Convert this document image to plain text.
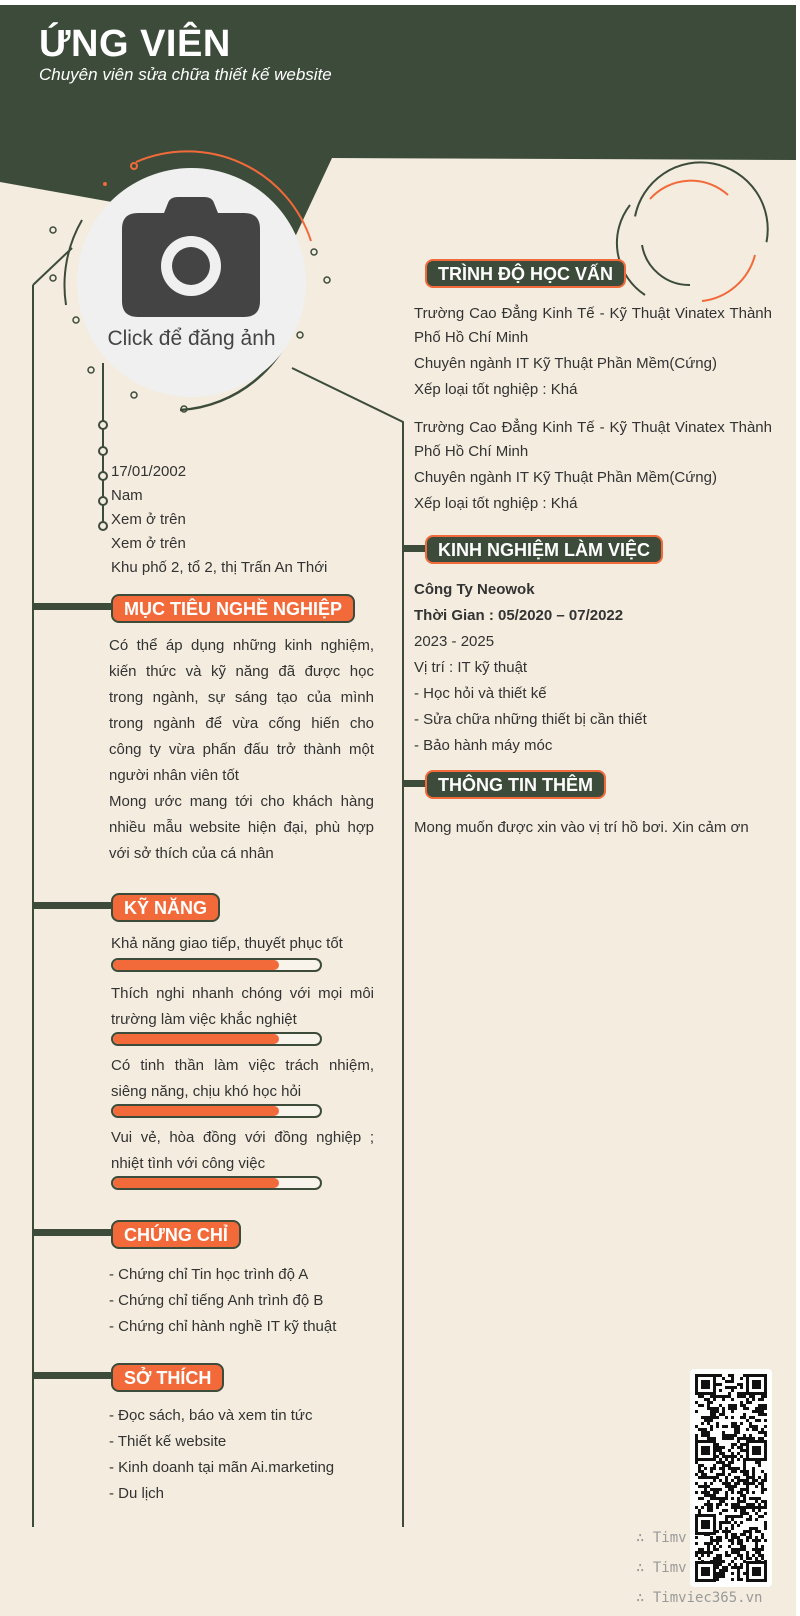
ỨNG VIÊN
Chuyên viên sửa chữa thiết kế website
Click để đăng ảnh
17/01/2002
Nam
Xem ở trên
Xem ở trên
Khu phố 2, tổ 2, thị Trấn An Thới
MỤC TIÊU NGHỀ NGHIỆP

Có thể áp dụng những kinh nghiệm, kiến thức và kỹ năng đã được học trong ngành, sự sáng tạo của mình trong ngành để vừa cống hiến cho công ty vừa phấn đấu trở thành một người nhân viên tốt

Mong ước mang tới cho khách hàng nhiều mẫu website hiện đại, phù hợp với sở thích của cá nhân

KỸ NĂNG
Khả năng giao tiếp, thuyết phục tốt
Thích nghi nhanh chóng với mọi môi trường làm việc khắc nghiệt
Có tinh thần làm việc trách nhiệm, siêng năng, chịu khó học hỏi
Vui vẻ, hòa đồng với đồng nghiệp ; nhiệt tình với công việc
CHỨNG CHỈ
- Chứng chỉ Tin học trình độ A
- Chứng chỉ tiếng Anh trình độ B
- Chứng chỉ hành nghề IT kỹ thuật
SỞ THÍCH
- Đọc sách, báo và xem tin tức
- Thiết kế website
- Kinh doanh tại mãn Ai.marketing
- Du lịch
TRÌNH ĐỘ HỌC VẤN
Trường Cao Đẳng Kinh Tế - Kỹ Thuật Vinatex Thành Phố Hồ Chí Minh
Chuyên ngành IT Kỹ Thuật Phần Mềm(Cứng)
Xếp loại tốt nghiệp : Khá
Trường Cao Đẳng Kinh Tế - Kỹ Thuật Vinatex Thành Phố Hồ Chí Minh
Chuyên ngành IT Kỹ Thuật Phần Mềm(Cứng)
Xếp loại tốt nghiệp : Khá
KINH NGHIỆM LÀM VIỆC
Công Ty Neowok
Thời Gian : 05/2020 – 07/2022
2023 - 2025
Vị trí : IT kỹ thuật
- Học hỏi và thiết kế
- Sửa chữa những thiết bị cần thiết
- Bảo hành máy móc
THÔNG TIN THÊM
Mong muốn được xin vào vị trí hồ bơi. Xin cảm ơn
∴ Timv
∴ Timv
∴ Timviec365.vn
